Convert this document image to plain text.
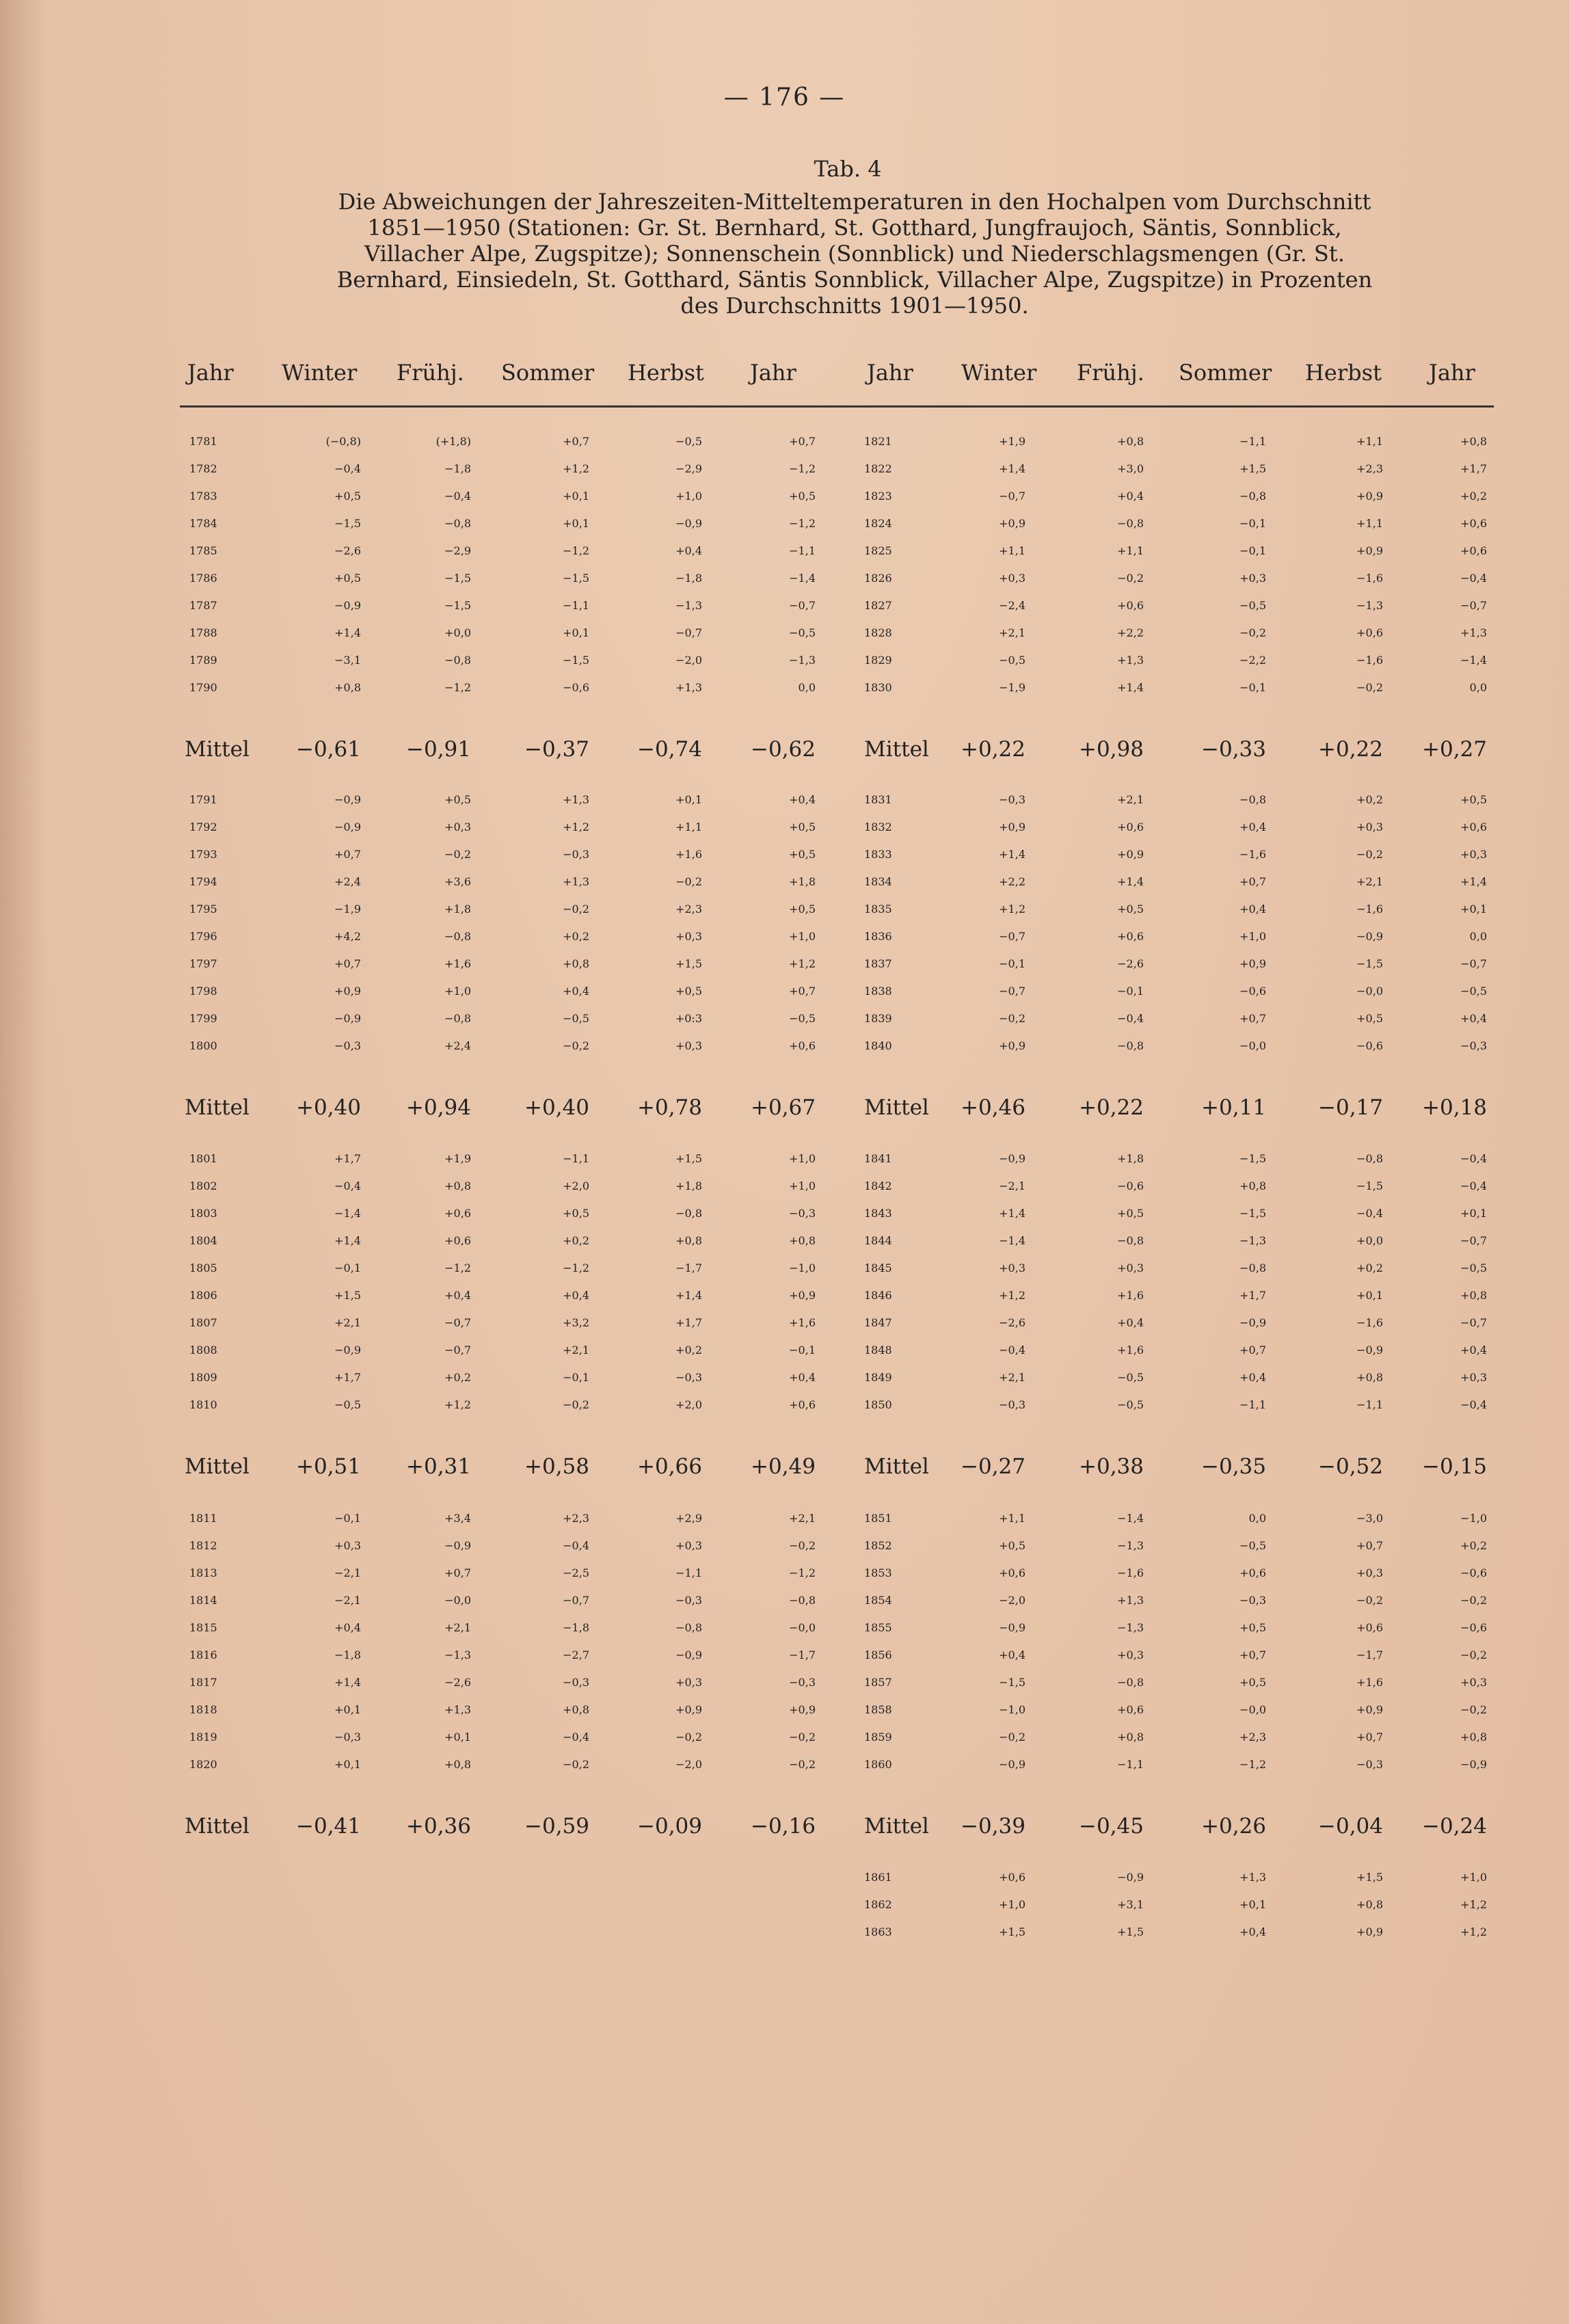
— 176 —
Tab. 4
Die Abweichungen der Jahreszeiten-Mitteltemperaturen in den Hochalpen vom Durchschnitt 1851—1950 (Stationen: Gr. St. Bernhard, St. Gotthard, Jungfraujoch, Säntis, Sonnblick, Villacher Alpe, Zugspitze); Sonnenschein (Sonnblick) und Niederschlagsmengen (Gr. St. Bernhard, Einsiedeln, St. Gotthard, Säntis Sonnblick, Villacher Alpe, Zugspitze) in Prozenten des Durchschnitts 1901—1950.
Jahr Winter Frühj. Sommer Herbst Jahr	Jahr Winter Frühj. Sommer Herbst Jahr
1781	(−0,8)	(+1,8)	+0,7	−0,5	+0,7
1782	−0,4	−1,8	+1,2	−2,9	−1,2
1783	+0,5	−0,4	+0,1	+1,0	+0,5
1784	−1,5	−0,8	+0,1	−0,9	−1,2
1785	−2,6	−2,9	−1,2	+0,4	−1,1
1786	+0,5	−1,5	−1,5	−1,8	−1,4
1787	−0,9	−1,5	−1,1	−1,3	−0,7
1788	+1,4	+0,0	+0,1	−0,7	−0,5
1789	−3,1	−0,8	−1,5	−2,0	−1,3
1790	+0,8	−1,2	−0,6	+1,3	0,0
Mittel −0,61 −0,91	−0,37 −0,74 −0,62
1791	−0,9	+0,5	+1,3	+0,1	+0,4
1792	−0,9	+0,3	+1,2	+1,1	+0,5
1793	+0,7	−0,2	−0,3	+1,6	+0,5
1794	+2,4	+3,6	+1,3	−0,2	+1,8
1795	−1,9	+1,8	−0,2	+2,3	+0,5
1796	+4,2	−0,8	+0,2	+0,3	+1,0
1797	+0,7	+1,6	+0,8	+1,5	+1,2
1798	+0,9	+1,0	+0,4	+0,5	+0,7
1799	−0,9	−0,8	−0,5	+0:3	−0,5
1800	−0,3	+2,4	−0,2	+0,3	+0,6
Mittel +0,40 +0,94	+0,40 +0,78 +0,67
1801	+1,7	+1,9	−1,1	+1,5	+1,0
1802	−0,4	+0,8	+2,0	+1,8	+1,0
1803	−1,4	+0,6	+0,5	−0,8	−0,3
1804	+1,4	+0,6	+0,2	+0,8	+0,8
1805	−0,1	−1,2	−1,2	−1,7	−1,0
1806	+1,5	+0,4	+0,4	+1,4	+0,9
1807	+2,1	−0,7	+3,2	+1,7	+1,6
1808	−0,9	−0,7	+2,1	+0,2	−0,1
1809	+1,7	+0,2	−0,1	−0,3	+0,4
1810	−0,5	+1,2	−0,2	+2,0	+0,6
Mittel +0,51 +0,31	+0,58 +0,66 +0,49
1811	−0,1	+3,4	+2,3	+2,9	+2,1
1812	+0,3	−0,9	−0,4	+0,3	−0,2
1813	−2,1	+0,7	−2,5	−1,1	−1,2
1814	−2,1	−0,0	−0,7	−0,3	−0,8
1815	+0,4	+2,1	−1,8	−0,8	−0,0
1816	−1,8	−1,3	−2,7	−0,9	−1,7
1817	+1,4	−2,6	−0,3	+0,3	−0,3
1818	+0,1	+1,3	+0,8	+0,9	+0,9
1819	−0,3	+0,1	−0,4	−0,2	−0,2
1820	+0,1	+0,8	−0,2	−2,0	−0,2
Mittel −0,41 +0,36	−0,59 −0,09 −0,16
1821	+1,9	+0,8	−1,1	+1,1	+0,8
1822	+1,4	+3,0	+1,5	+2,3	+1,7
1823	−0,7	+0,4	−0,8	+0,9	+0,2
1824	+0,9	−0,8	−0,1	+1,1	+0,6
1825	+1,1	+1,1	−0,1	+0,9	+0,6
1826	+0,3	−0,2	+0,3	−1,6	−0,4
1827	−2,4	+0,6	−0,5	−1,3	−0,7
1828	+2,1	+2,2	−0,2	+0,6	+1,3
1829	−0,5	+1,3	−2,2	−1,6	−1,4
1830	−1,9	+1,4	−0,1	−0,2	0,0
Mittel +0,22	+0,98	−0,33 +0,22 +0,27
1831	−0,3	+2,1	−0,8	+0,2	+0,5
1832	+0,9	+0,6	+0,4	+0,3	+0,6
1833	+1,4	+0,9	−1,6	−0,2	+0,3
1834	+2,2	+1,4	+0,7	+2,1	+1,4
1835	+1,2	+0,5	+0,4	−1,6	+0,1
1836	−0,7	+0,6	+1,0	−0,9	0,0
1837	−0,1	−2,6	+0,9	−1,5	−0,7
1838	−0,7	−0,1	−0,6	−0,0	−0,5
1839	−0,2	−0,4	+0,7	+0,5	+0,4
1840	+0,9	−0,8	−0,0	−0,6	−0,3
Mittel +0,46	+0,22	+0,11 −0,17 +0,18
1841	−0,9	+1,8	−1,5	−0,8	−0,4
1842	−2,1	−0,6	+0,8	−1,5	−0,4
1843	+1,4	+0,5	−1,5	−0,4	+0,1
1844	−1,4	−0,8	−1,3	+0,0	−0,7
1845	+0,3	+0,3	−0,8	+0,2	−0,5
1846	+1,2	+1,6	+1,7	+0,1	+0,8
1847	−2,6	+0,4	−0,9	−1,6	−0,7
1848	−0,4	+1,6	+0,7	−0,9	+0,4
1849	+2,1	−0,5	+0,4	+0,8	+0,3
1850	−0,3	−0,5	−1,1	−1,1	−0,4
Mittel −0,27	+0,38	−0,35 −0,52 −0,15
1851	+1,1	−1,4	0,0	−3,0	−1,0
1852	+0,5	−1,3	−0,5	+0,7	+0,2
1853	+0,6	−1,6	+0,6	+0,3	−0,6
1854	−2,0	+1,3	−0,3	−0,2	−0,2
1855	−0,9	−1,3	+0,5	+0,6	−0,6
1856	+0,4	+0,3	+0,7	−1,7	−0,2
1857	−1,5	−0,8	+0,5	+1,6	+0,3
1858	−1,0	+0,6	−0,0	+0,9	−0,2
1859	−0,2	+0,8	+2,3	+0,7	+0,8
1860	−0,9	−1,1	−1,2	−0,3	−0,9
Mittel −0,39	−0,45	+0,26 −0,04 −0,24
1861	+0,6	−0,9	+1,3	+1,5	+1,0
1862	+1,0	+3,1	+0,1	+0,8	+1,2
1863	+1,5	+1,5	+0,4	+0,9	+1,2
